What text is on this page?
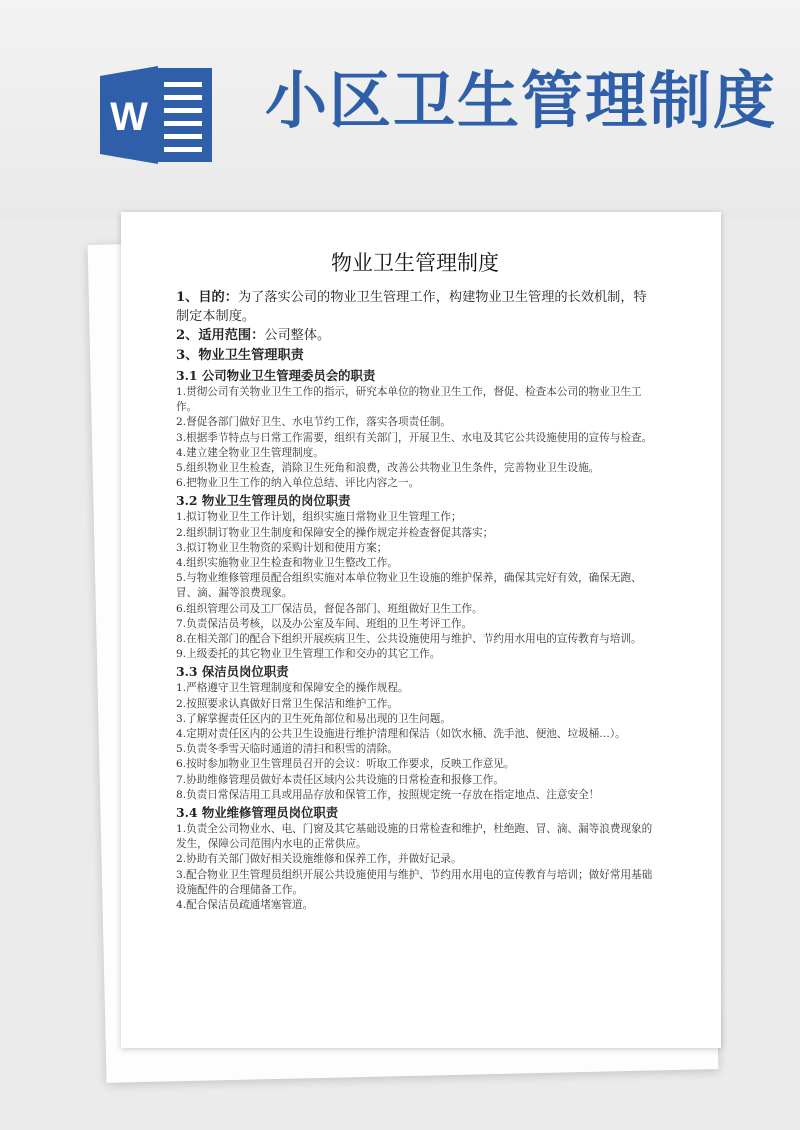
W 小区卫生管理制度
物业卫生管理制度

1、目的：为了落实公司的物业卫生管理工作，构建物业卫生管理的长效机制，特制定本制度。

2、适用范围：公司整体。

3、物业卫生管理职责

3.1 公司物业卫生管理委员会的职责

1.贯彻公司有关物业卫生工作的指示，研究本单位的物业卫生工作，督促、检查本公司的物业卫生工作。

2.督促各部门做好卫生、水电节约工作，落实各项责任制。

3.根据季节特点与日常工作需要，组织有关部门，开展卫生、水电及其它公共设施使用的宣传与检查。

4.建立建全物业卫生管理制度。

5.组织物业卫生检查，消除卫生死角和浪费，改善公共物业卫生条件，完善物业卫生设施。

6.把物业卫生工作的纳入单位总结、评比内容之一。

3.2 物业卫生管理员的岗位职责

1.拟订物业卫生工作计划，组织实施日常物业卫生管理工作；

2.组织制订物业卫生制度和保障安全的操作规定并检查督促其落实；

3.拟订物业卫生物资的采购计划和使用方案；

4.组织实施物业卫生检查和物业卫生整改工作。

5.与物业维修管理员配合组织实施对本单位物业卫生设施的维护保养，确保其完好有效，确保无跑、冒、滴、漏等浪费现象。

6.组织管理公司及工厂保洁员，督促各部门、班组做好卫生工作。

7.负责保洁员考核，以及办公室及车间、班组的卫生考评工作。

8.在相关部门的配合下组织开展疾病卫生、公共设施使用与维护、节约用水用电的宣传教育与培训。

9.上级委托的其它物业卫生管理工作和交办的其它工作。

3.3 保洁员岗位职责

1.严格遵守卫生管理制度和保障安全的操作规程。

2.按照要求认真做好日常卫生保洁和维护工作。

3.了解掌握责任区内的卫生死角部位和易出现的卫生问题。

4.定期对责任区内的公共卫生设施进行维护清理和保洁（如饮水桶、洗手池、便池、垃圾桶…）。

5.负责冬季雪天临时通道的清扫和积雪的清除。

6.按时参加物业卫生管理员召开的会议：听取工作要求，反映工作意见。

7.协助维修管理员做好本责任区域内公共设施的日常检查和报修工作。

8.负责日常保洁用工具或用品存放和保管工作，按照规定统一存放在指定地点、注意安全！

3.4 物业维修管理员岗位职责

1.负责全公司物业水、电、门窗及其它基础设施的日常检查和维护，杜绝跑、冒、滴、漏等浪费现象的发生，保障公司范围内水电的正常供应。

2.协助有关部门做好相关设施维修和保养工作，并做好记录。

3.配合物业卫生管理员组织开展公共设施使用与维护、节约用水用电的宣传教育与培训；做好常用基础设施配件的合理储备工作。

4.配合保洁员疏通堵塞管道。
